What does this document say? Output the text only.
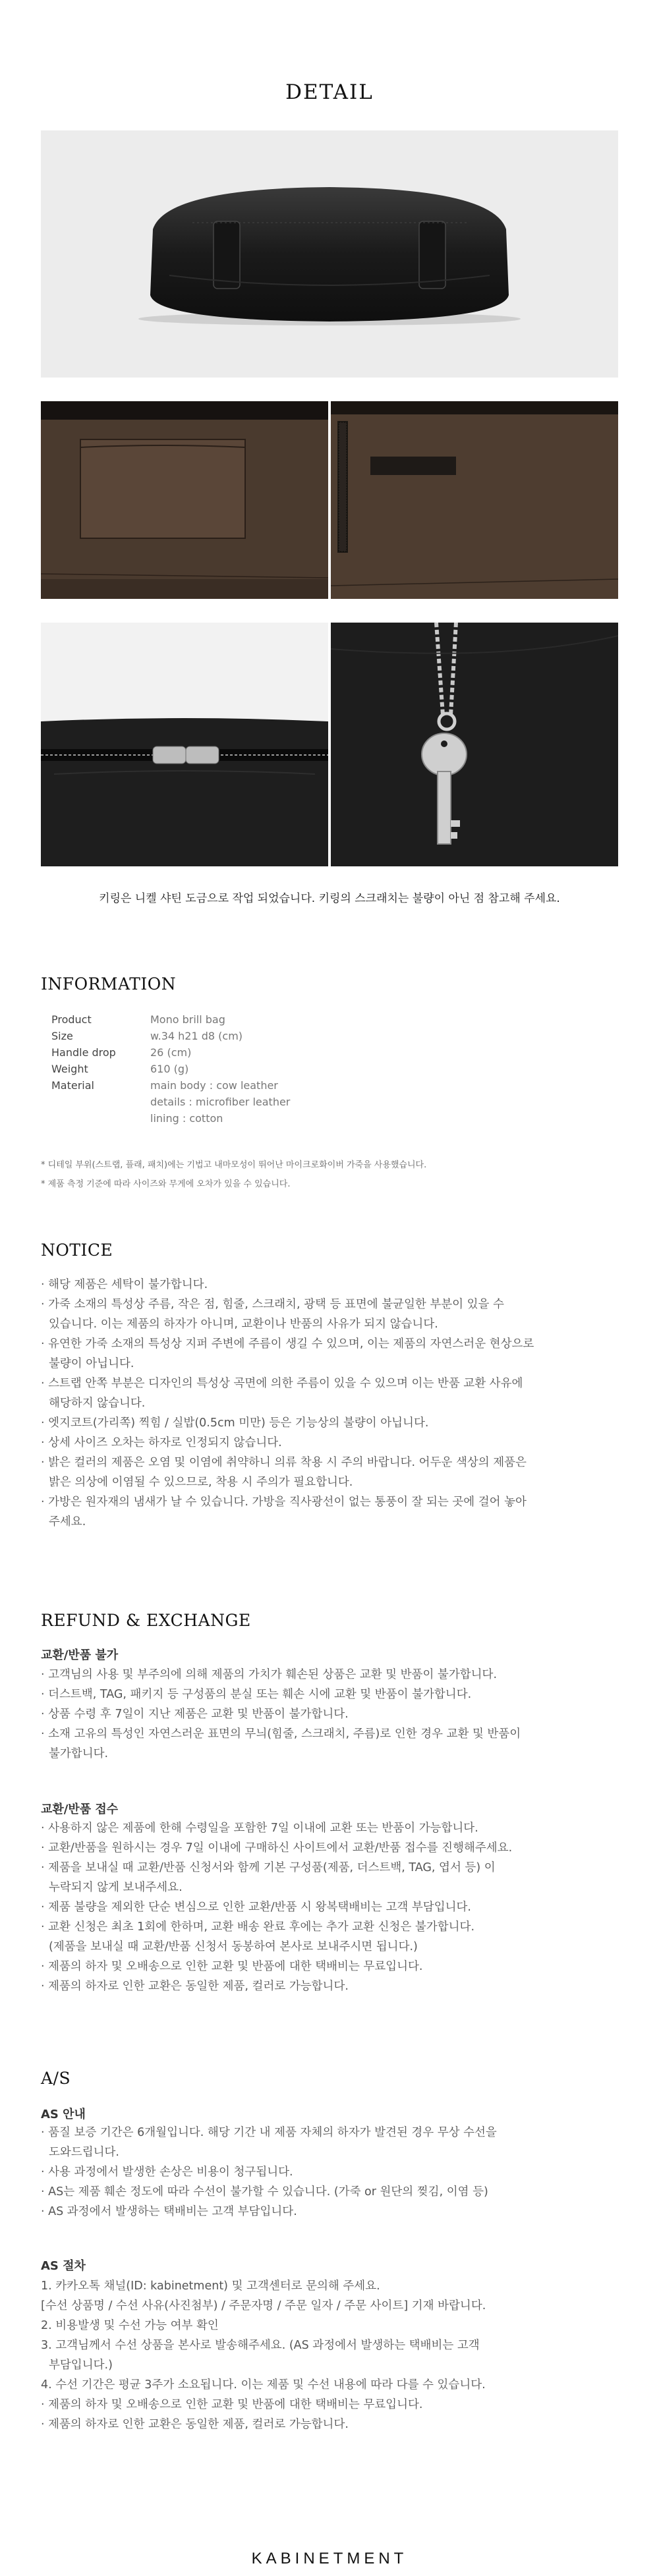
DETAIL
키링은 니켈 샤틴 도금으로 작업 되었습니다. 키링의 스크래치는 불량이 아닌 점 참고해 주세요.
INFORMATION
Product	Mono brill bag
Size	w.34 h21 d8 (cm)
Handle drop	26 (cm)
Weight	610 (g)
Material	main body : cow leather
details : microfiber leather
lining : cotton
* 디테일 부위(스트랩, 플래, 패치)에는 기법고 내마모성이 뛰어난 마이크로화이버 가죽을 사용했습니다.
* 제품 측정 기준에 따라 사이즈와 무게에 오차가 있을 수 있습니다.
NOTICE
· 해당 제품은 세탁이 불가합니다.
· 가죽 소재의 특성상 주름, 작은 점, 힘줄, 스크래치, 광택 등 표면에 불균일한 부분이 있을 수
있습니다. 이는 제품의 하자가 아니며, 교환이나 반품의 사유가 되지 않습니다.
· 유연한 가죽 소재의 특성상 지퍼 주변에 주름이 생길 수 있으며, 이는 제품의 자연스러운 현상으로
불량이 아닙니다.
· 스트랩 안쪽 부분은 디자인의 특성상 곡면에 의한 주름이 있을 수 있으며 이는 반품 교환 사유에
해당하지 않습니다.
· 엣지코트(가리쪽) 찍힘 / 실밥(0.5cm 미만) 등은 기능상의 불량이 아닙니다.
· 상세 사이즈 오차는 하자로 인정되지 않습니다.
· 밝은 컬러의 제품은 오염 및 이염에 취약하니 의류 착용 시 주의 바랍니다. 어두운 색상의 제품은
밝은 의상에 이염될 수 있으므로, 착용 시 주의가 필요합니다.
· 가방은 원자재의 냄새가 날 수 있습니다. 가방을 직사광선이 없는 통풍이 잘 되는 곳에 걸어 놓아
주세요.
REFUND & EXCHANGE
교환/반품 불가
· 고객님의 사용 및 부주의에 의해 제품의 가치가 훼손된 상품은 교환 및 반품이 불가합니다.
· 더스트백, TAG, 패키지 등 구성품의 분실 또는 훼손 시에 교환 및 반품이 불가합니다.
· 상품 수령 후 7일이 지난 제품은 교환 및 반품이 불가합니다.
· 소재 고유의 특성인 자연스러운 표면의 무늬(힘줄, 스크래치, 주름)로 인한 경우 교환 및 반품이
불가합니다.
교환/반품 접수
· 사용하지 않은 제품에 한해 수령일을 포함한 7일 이내에 교환 또는 반품이 가능합니다.
· 교환/반품을 원하시는 경우 7일 이내에 구매하신 사이트에서 교환/반품 접수를 진행해주세요.
· 제품을 보내실 때 교환/반품 신청서와 함께 기본 구성품(제품, 더스트백, TAG, 엽서 등) 이
누락되지 않게 보내주세요.
· 제품 불량을 제외한 단순 변심으로 인한 교환/반품 시 왕복택배비는 고객 부담입니다.
· 교환 신청은 최초 1회에 한하며, 교환 배송 완료 후에는 추가 교환 신청은 불가합니다.
(제품을 보내실 때 교환/반품 신청서 동봉하여 본사로 보내주시면 됩니다.)
· 제품의 하자 및 오배송으로 인한 교환 및 반품에 대한 택배비는 무료입니다.
· 제품의 하자로 인한 교환은 동일한 제품, 컬러로 가능합니다.
A/S
AS 안내
· 품질 보증 기간은 6개월입니다. 해당 기간 내 제품 자체의 하자가 발견된 경우 무상 수선을
도와드립니다.
· 사용 과정에서 발생한 손상은 비용이 청구됩니다.
· AS는 제품 훼손 정도에 따라 수선이 불가할 수 있습니다. (가죽 or 원단의 찢김, 이염 등)
· AS 과정에서 발생하는 택배비는 고객 부담입니다.
AS 절차
1. 카카오톡 채널(ID: kabinetment) 및 고객센터로 문의해 주세요.
[수선 상품명 / 수선 사유(사진첨부) / 주문자명 / 주문 일자 / 주문 사이트] 기재 바랍니다.
2. 비용발생 및 수선 가능 여부 확인
3. 고객님께서 수선 상품을 본사로 발송해주세요. (AS 과정에서 발생하는 택배비는 고객
부담입니다.)
4. 수선 기간은 평균 3주가 소요됩니다. 이는 제품 및 수선 내용에 따라 다를 수 있습니다.
· 제품의 하자 및 오배송으로 인한 교환 및 반품에 대한 택배비는 무료입니다.
· 제품의 하자로 인한 교환은 동일한 제품, 컬러로 가능합니다.
KABINETMENT
